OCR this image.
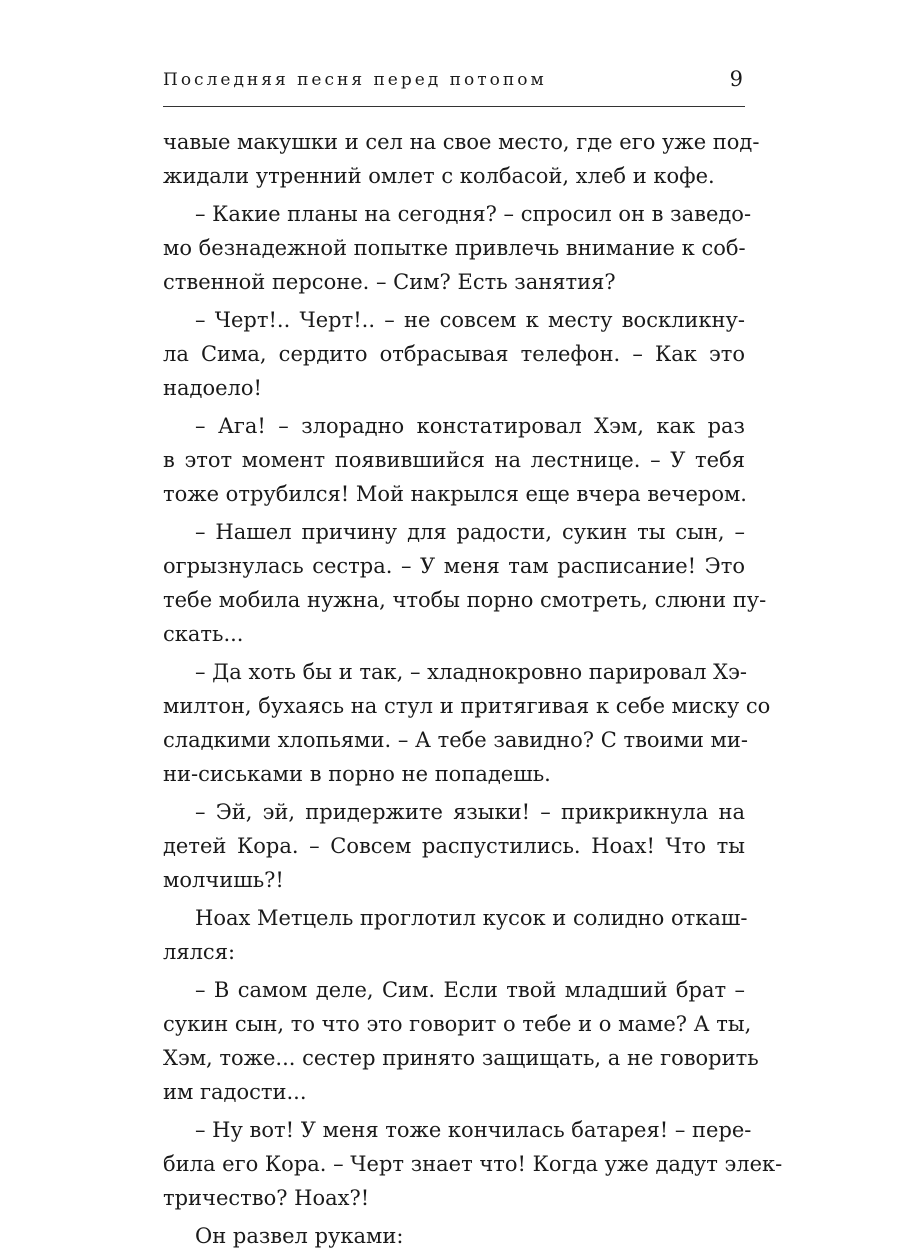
Последняя песня перед потопом	9
чавые макушки и сел на свое место, где его уже под-
жидали утренний омлет с колбасой, хлеб и кофе.
– Какие планы на сегодня? – спросил он в заведо-
мо безнадежной попытке привлечь внимание к соб-
ственной персоне. – Сим? Есть занятия?
– Черт!.. Черт!.. – не совсем к месту воскликну-
ла Сима, сердито отбрасывая телефон. – Как это
надоело!
– Ага! – злорадно констатировал Хэм, как раз
в этот момент появившийся на лестнице. – У тебя
тоже отрубился! Мой накрылся еще вчера вечером.
– Нашел причину для радости, сукин ты сын, –
огрызнулась сестра. – У меня там расписание! Это
тебе мобила нужна, чтобы порно смотреть, слюни пу-
скать...
– Да хоть бы и так, – хладнокровно парировал Хэ-
милтон, бухаясь на стул и притягивая к себе миску со
сладкими хлопьями. – А тебе завидно? С твоими ми-
ни-сиськами в порно не попадешь.
– Эй, эй, придержите языки! – прикрикнула на
детей Кора. – Совсем распустились. Ноах! Что ты
молчишь?!
Ноах Метцель проглотил кусок и солидно откаш-
лялся:
– В самом деле, Сим. Если твой младший брат –
сукин сын, то что это говорит о тебе и о маме? А ты,
Хэм, тоже... сестер принято защищать, а не говорить
им гадости...
– Ну вот! У меня тоже кончилась батарея! – пере-
била его Кора. – Черт знает что! Когда уже дадут элек-
тричество? Ноах?!
Он развел руками:
